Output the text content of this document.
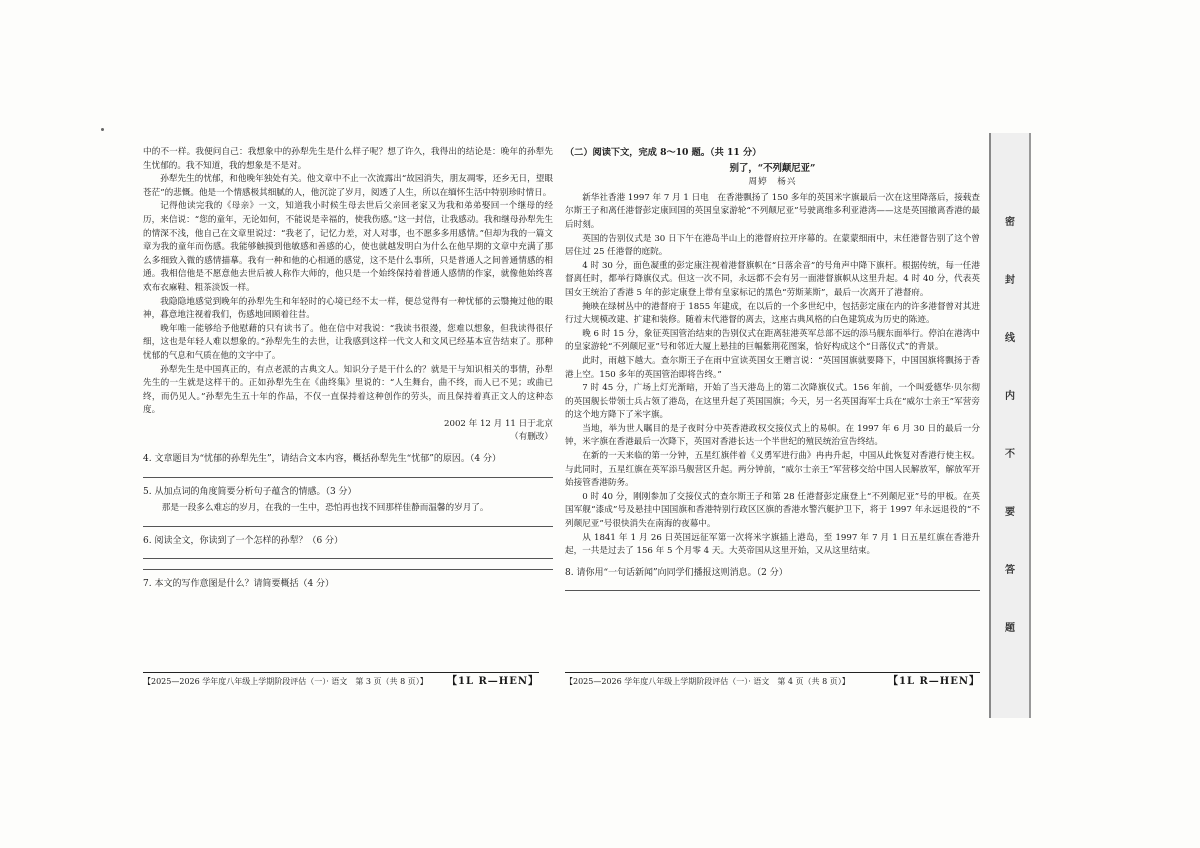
中的不一样。我便问自己：我想象中的孙犁先生是什么样子呢？想了许久，我得出的结论是：晚年的孙犁先生忧郁的。我不知道，我的想象是不是对。

孙犁先生的忧郁，和他晚年独处有关。他文章中不止一次流露出“故园消失，朋友凋零，还乡无日，望眼苍茫”的悲慨。他是一个情感极其细腻的人，他沉淀了岁月，阅透了人生，所以在缅怀生活中特别珍时情日。

记得他读完我的《母亲》一文，知道我小时候生母去世后父亲回老家又为我和弟弟娶回一个继母的经历，来信说：“您的童年，无论如何，不能说是幸福的，使我伤感。”这一封信，让我感动。我和继母孙犁先生的情深不浅，他自己在文章里说过：“我老了，记忆力差，对人对事，也不愿多多用感情。”但却为我的一篇文章为我的童年而伤感。我能够触摸到他敏感和善感的心，使也就越发明白为什么在他早期的文章中充满了那么多细致入微的感情描摹。我有一种和他的心相通的感觉，这不是什么事所，只是普通人之间普通情感的相通。我相信他是不愿意他去世后被人称作大师的，他只是一个始终保持着普通人感情的作家，就像他始终喜欢布衣麻鞋、粗茶淡饭一样。

我隐隐地感觉到晚年的孙犁先生和年轻时的心境已经不太一样，便总觉得有一种忧郁的云翳掩过他的眼神，暮意地注视着我们，伤感地回顾着往昔。

晚年唯一能够给予他慰藉的只有读书了。他在信中对我说：“我读书很漫，您难以想象，但我读得很仔细，这也是年轻人难以想象的。”孙犁先生的去世，让我感到这样一代文人和文风已经基本宣告结束了。那种忧郁的气息和气质在他的文字中了。

孙犁先生是中国真正的，有点老派的古典文人。知识分子是干什么的？就是干与知识相关的事情，孙犁先生的一生就是这样干的。正如孙犁先生在《曲终集》里说的：“人生舞台，曲不终，而人已不见；或曲已终，而仍见人。”孙犁先生五十年的作品，不仅一直保持着这种创作的劳头，而且保持着真正文人的这种态度。

2002 年 12 月 11 日于北京

（有删改）

4. 文章题目为“忧郁的孙犁先生”，请结合文本内容，概括孙犁先生“忧郁”的原因。（4 分）
5. 从加点词的角度简要分析句子蕴含的情感。（3 分）
那是一段多么难忘的岁月，在我的一生中，恐怕再也找不回那样佳静而温馨的岁月了。
6. 阅读全文，你读到了一个怎样的孙犁？（6 分）
7. 本文的写作意图是什么？请简要概括（4 分）
【2025—2026 学年度八年级上学期阶段评估（一）· 语文　第 3 页（共 8 页）】 【1L R—HEN】
（二）阅读下文，完成 8～10 题。（共 11 分）
别了，“不列颠尼亚”
周婷　杨兴

新华社香港 1997 年 7 月 1 日电　在香港飘扬了 150 多年的英国米字旗最后一次在这里降落后，接载查尔斯王子和离任港督彭定康回国的英国皇家游轮“不列颠尼亚”号驶离维多利亚港湾——这是英国撤离香港的最后时刻。

英国的告别仪式是 30 日下午在港岛半山上的港督府拉开序幕的。在蒙蒙细雨中，末任港督告别了这个曾居住过 25 任港督的庭院。

4 时 30 分，面色凝重的彭定康注视着港督旗帜在“日落余音”的号角声中降下旗杆。根据传统，每一任港督离任时，都举行降旗仪式。但这一次不同，永远都不会有另一面港督旗帜从这里升起。4 时 40 分，代表英国女王统治了香港 5 年的彭定康登上带有皇家标记的黑色“劳斯莱斯”，最后一次离开了港督府。

掩映在绿树丛中的港督府于 1855 年建成，在以后的一个多世纪中，包括彭定康在内的许多港督曾对其进行过大规模改建、扩建和装修。随着末代港督的离去，这座古典风格的白色建筑成为历史的陈迹。

晚 6 时 15 分，象征英国管治结束的告别仪式在距离驻港英军总部不远的添马舰东面举行。停泊在港湾中的皇家游轮“不列颠尼亚”号和邻近大厦上悬挂的巨幅紫荆花图案，恰好构成这个“日落仪式”的背景。

此时，雨越下越大。查尔斯王子在雨中宣读英国女王赠言说：“英国国旗就要降下，中国国旗将飘扬于香港上空。150 多年的英国管治即将告终。”

7 时 45 分，广场上灯光渐暗，开始了当天港岛上的第二次降旗仪式。156 年前，一个叫爱德华·贝尔彻的英国舰长带领士兵占领了港岛，在这里升起了英国国旗；今天，另一名英国海军士兵在“威尔士亲王”军营旁的这个地方降下了米字旗。

当地，举为世人瞩目的是子夜时分中英香港政权交接仪式上的易帜。在 1997 年 6 月 30 日的最后一分钟，米字旗在香港最后一次降下，英国对香港长达一个半世纪的殖民统治宣告终结。

在新的一天来临的第一分钟，五星红旗伴着《义勇军进行曲》冉冉升起，中国从此恢复对香港行使主权。与此同时，五星红旗在英军添马舰营区升起。两分钟前，“威尔士亲王”军营移交给中国人民解放军，解放军开始接管香港防务。

0 时 40 分，刚刚参加了交接仪式的查尔斯王子和第 28 任港督彭定康登上“不列颠尼亚”号的甲板。在英国军舰“漆成”号及悬挂中国国旗和香港特别行政区区旗的香港水警汽艇护卫下，将于 1997 年永远退役的“不列颠尼亚”号很快消失在南海的夜幕中。

从 1841 年 1 月 26 日英国远征军第一次将米字旗插上港岛，至 1997 年 7 月 1 日五星红旗在香港升起，一共是过去了 156 年 5 个月零 4 天。大英帝国从这里开始，又从这里结束。

8. 请你用“一句话新闻”向同学们播报这则消息。（2 分）
【2025—2026 学年度八年级上学期阶段评估（一）· 语文　第 4 页（共 8 页）】	【1L R—HEN】
密
封
线
内
不
要
答
题
